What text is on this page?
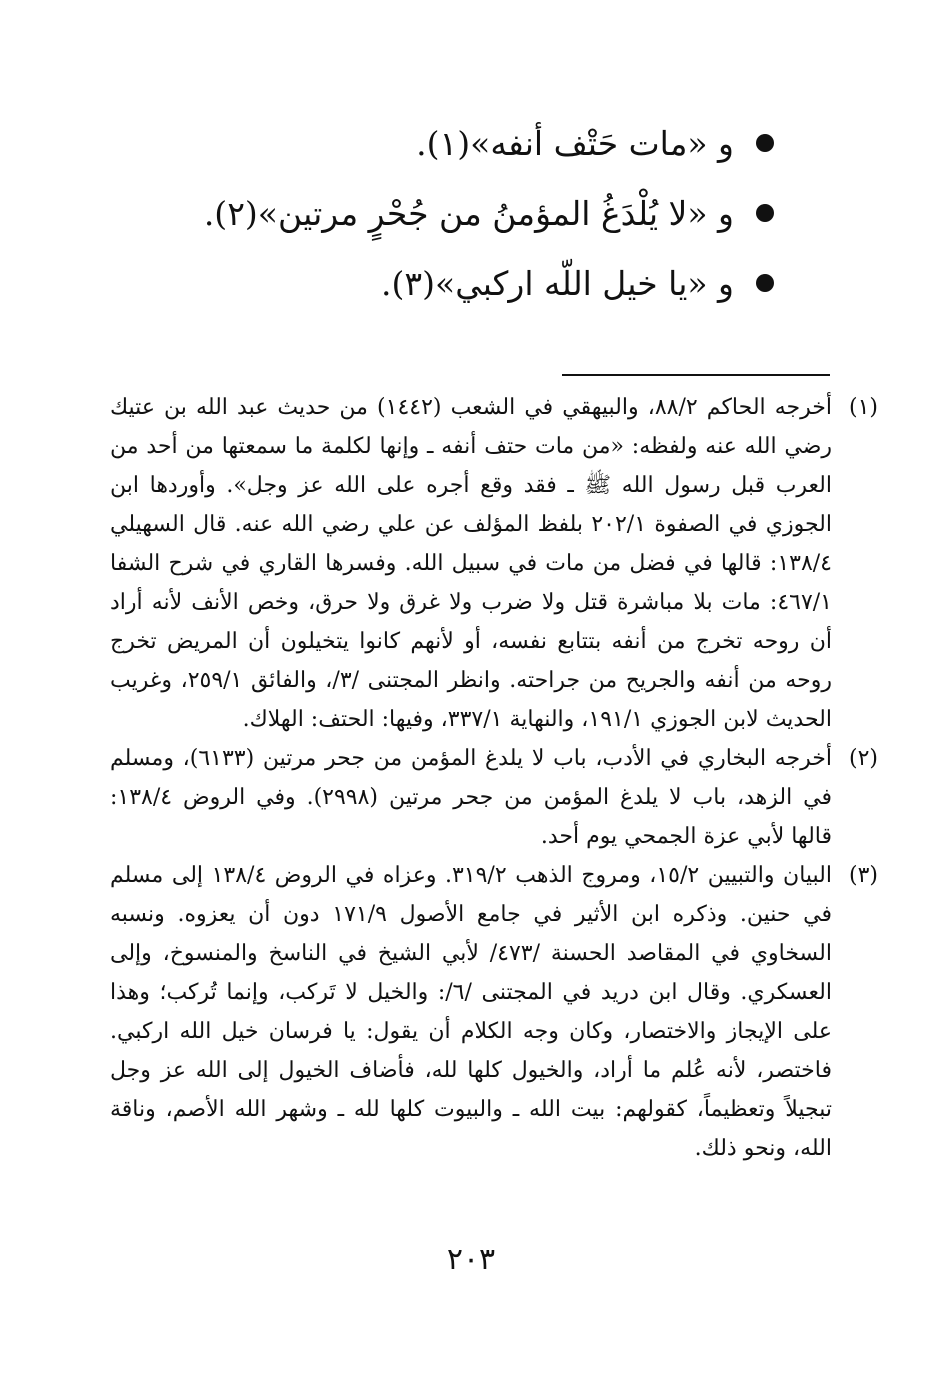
و «مات حَتْف أنفه»(١).
و «لا يُلْدَغُ المؤمنُ من جُحْرٍ مرتين»(٢).
و «يا خيل اللّه اركبي»(٣).
(١)

أخرجه الحاكم ٨٨/٢، والبيهقي في الشعب (١٤٤٢) من حديث عبد الله بن عتيك رضي الله عنه ولفظه: «من مات حتف أنفه ـ وإنها لكلمة ما سمعتها من أحد من العرب قبل رسول الله ﷺ ـ فقد وقع أجره على الله عز وجل». وأوردها ابن الجوزي في الصفوة ٢٠٢/١ بلفظ المؤلف عن علي رضي الله عنه. قال السهيلي ١٣٨/٤: قالها في فضل من مات في سبيل الله. وفسرها القاري في شرح الشفا ٤٦٧/١: مات بلا مباشرة قتل ولا ضرب ولا غرق ولا حرق، وخص الأنف لأنه أراد أن روحه تخرج من أنفه بتتابع نفسه، أو لأنهم كانوا يتخيلون أن المريض تخرج روحه من أنفه والجريح من جراحته. وانظر المجتنى /٣/، والفائق ٢٥٩/١، وغريب الحديث لابن الجوزي ١٩١/١، والنهاية ٣٣٧/١، وفيها: الحتف: الهلاك.

(٢)

أخرجه البخاري في الأدب، باب لا يلدغ المؤمن من جحر مرتين (٦١٣٣)، ومسلم في الزهد، باب لا يلدغ المؤمن من جحر مرتين (٢٩٩٨). وفي الروض ١٣٨/٤: قالها لأبي عزة الجمحي يوم أحد.

(٣)

البيان والتبيين ١٥/٢، ومروج الذهب ٣١٩/٢. وعزاه في الروض ١٣٨/٤ إلى مسلم في حنين. وذكره ابن الأثير في جامع الأصول ١٧١/٩ دون أن يعزوه. ونسبه السخاوي في المقاصد الحسنة /٤٧٣/ لأبي الشيخ في الناسخ والمنسوخ، وإلى العسكري. وقال ابن دريد في المجتنى /٦/: والخيل لا تَركب، وإنما تُركب؛ وهذا على الإيجاز والاختصار، وكان وجه الكلام أن يقول: يا فرسان خيل الله اركبي. فاختصر، لأنه عُلم ما أراد، والخيول كلها لله، فأضاف الخيول إلى الله عز وجل تبجيلاً وتعظيماً، كقولهم: بيت الله ـ والبيوت كلها لله ـ وشهر الله الأصم، وناقة الله، ونحو ذلك.

٢٠٣
